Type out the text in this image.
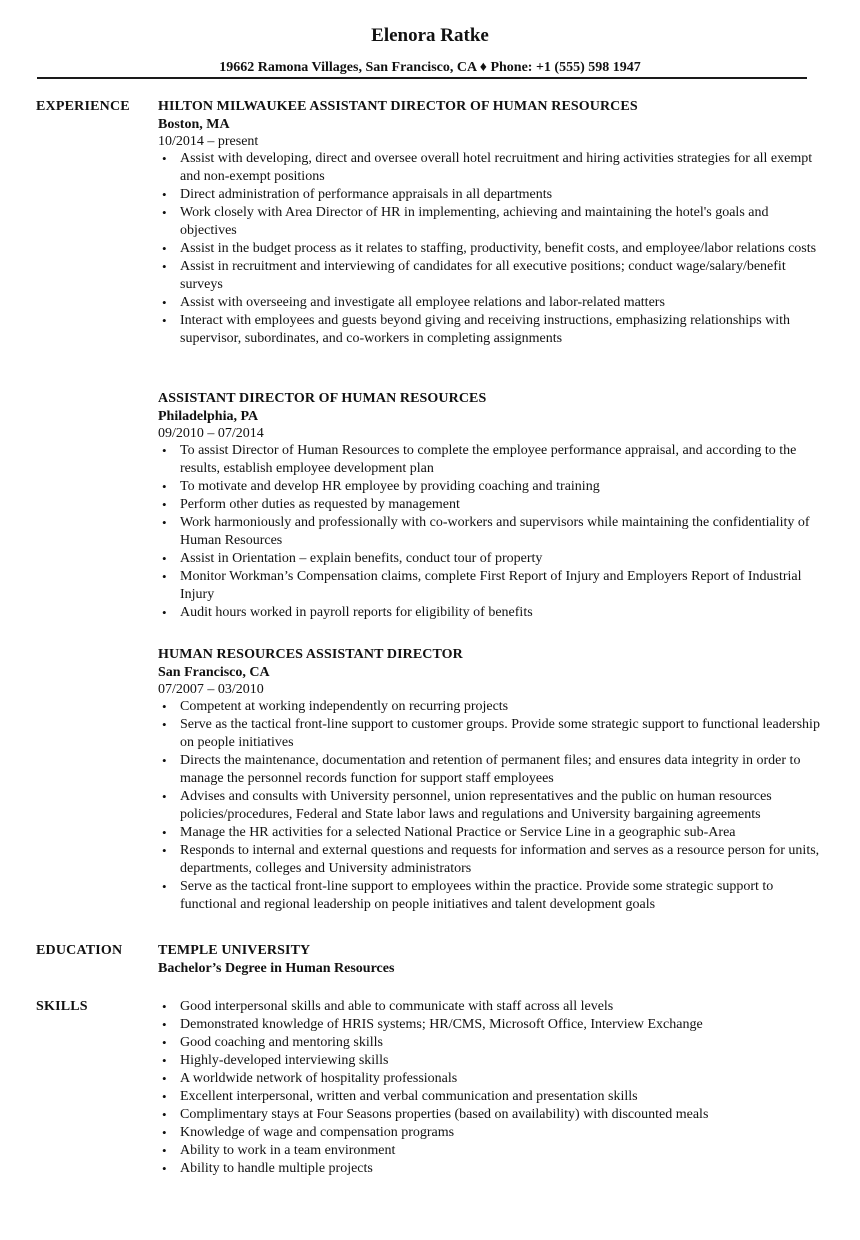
Elenora Ratke
19662 Ramona Villages, San Francisco, CA ♦ Phone: +1 (555) 598 1947
EXPERIENCE HILTON MILWAUKEE ASSISTANT DIRECTOR OF HUMAN RESOURCES
Boston, MA
10/2014 – present
• Assist with developing, direct and oversee overall hotel recruitment and hiring activities strategies for all exempt and non-exempt positions
• Direct administration of performance appraisals in all departments
• Work closely with Area Director of HR in implementing, achieving and maintaining the hotel's goals and objectives
• Assist in the budget process as it relates to staffing, productivity, benefit costs, and employee/labor relations costs
• Assist in recruitment and interviewing of candidates for all executive positions; conduct wage/salary/benefit surveys
• Assist with overseeing and investigate all employee relations and labor-related matters
• Interact with employees and guests beyond giving and receiving instructions, emphasizing relationships with supervisor, subordinates, and co-workers in completing assignments
ASSISTANT DIRECTOR OF HUMAN RESOURCES
Philadelphia, PA
09/2010 – 07/2014
• To assist Director of Human Resources to complete the employee performance appraisal, and according to the results, establish employee development plan
• To motivate and develop HR employee by providing coaching and training
• Perform other duties as requested by management
• Work harmoniously and professionally with co-workers and supervisors while maintaining the confidentiality of Human Resources
• Assist in Orientation – explain benefits, conduct tour of property
• Monitor Workman’s Compensation claims, complete First Report of Injury and Employers Report of Industrial Injury
• Audit hours worked in payroll reports for eligibility of benefits
HUMAN RESOURCES ASSISTANT DIRECTOR
San Francisco, CA
07/2007 – 03/2010
• Competent at working independently on recurring projects
• Serve as the tactical front-line support to customer groups. Provide some strategic support to functional leadership on people initiatives
• Directs the maintenance, documentation and retention of permanent files; and ensures data integrity in order to manage the personnel records function for support staff employees
• Advises and consults with University personnel, union representatives and the public on human resources policies/procedures, Federal and State labor laws and regulations and University bargaining agreements
• Manage the HR activities for a selected National Practice or Service Line in a geographic sub-Area
• Responds to internal and external questions and requests for information and serves as a resource person for units, departments, colleges and University administrators
• Serve as the tactical front-line support to employees within the practice. Provide some strategic support to functional and regional leadership on people initiatives and talent development goals
EDUCATION	TEMPLE UNIVERSITY
Bachelor’s Degree in Human Resources
SKILLS	• Good interpersonal skills and able to communicate with staff across all levels
• Demonstrated knowledge of HRIS systems; HR/CMS, Microsoft Office, Interview Exchange
• Good coaching and mentoring skills
• Highly-developed interviewing skills
• A worldwide network of hospitality professionals
• Excellent interpersonal, written and verbal communication and presentation skills
• Complimentary stays at Four Seasons properties (based on availability) with discounted meals
• Knowledge of wage and compensation programs
• Ability to work in a team environment
• Ability to handle multiple projects
